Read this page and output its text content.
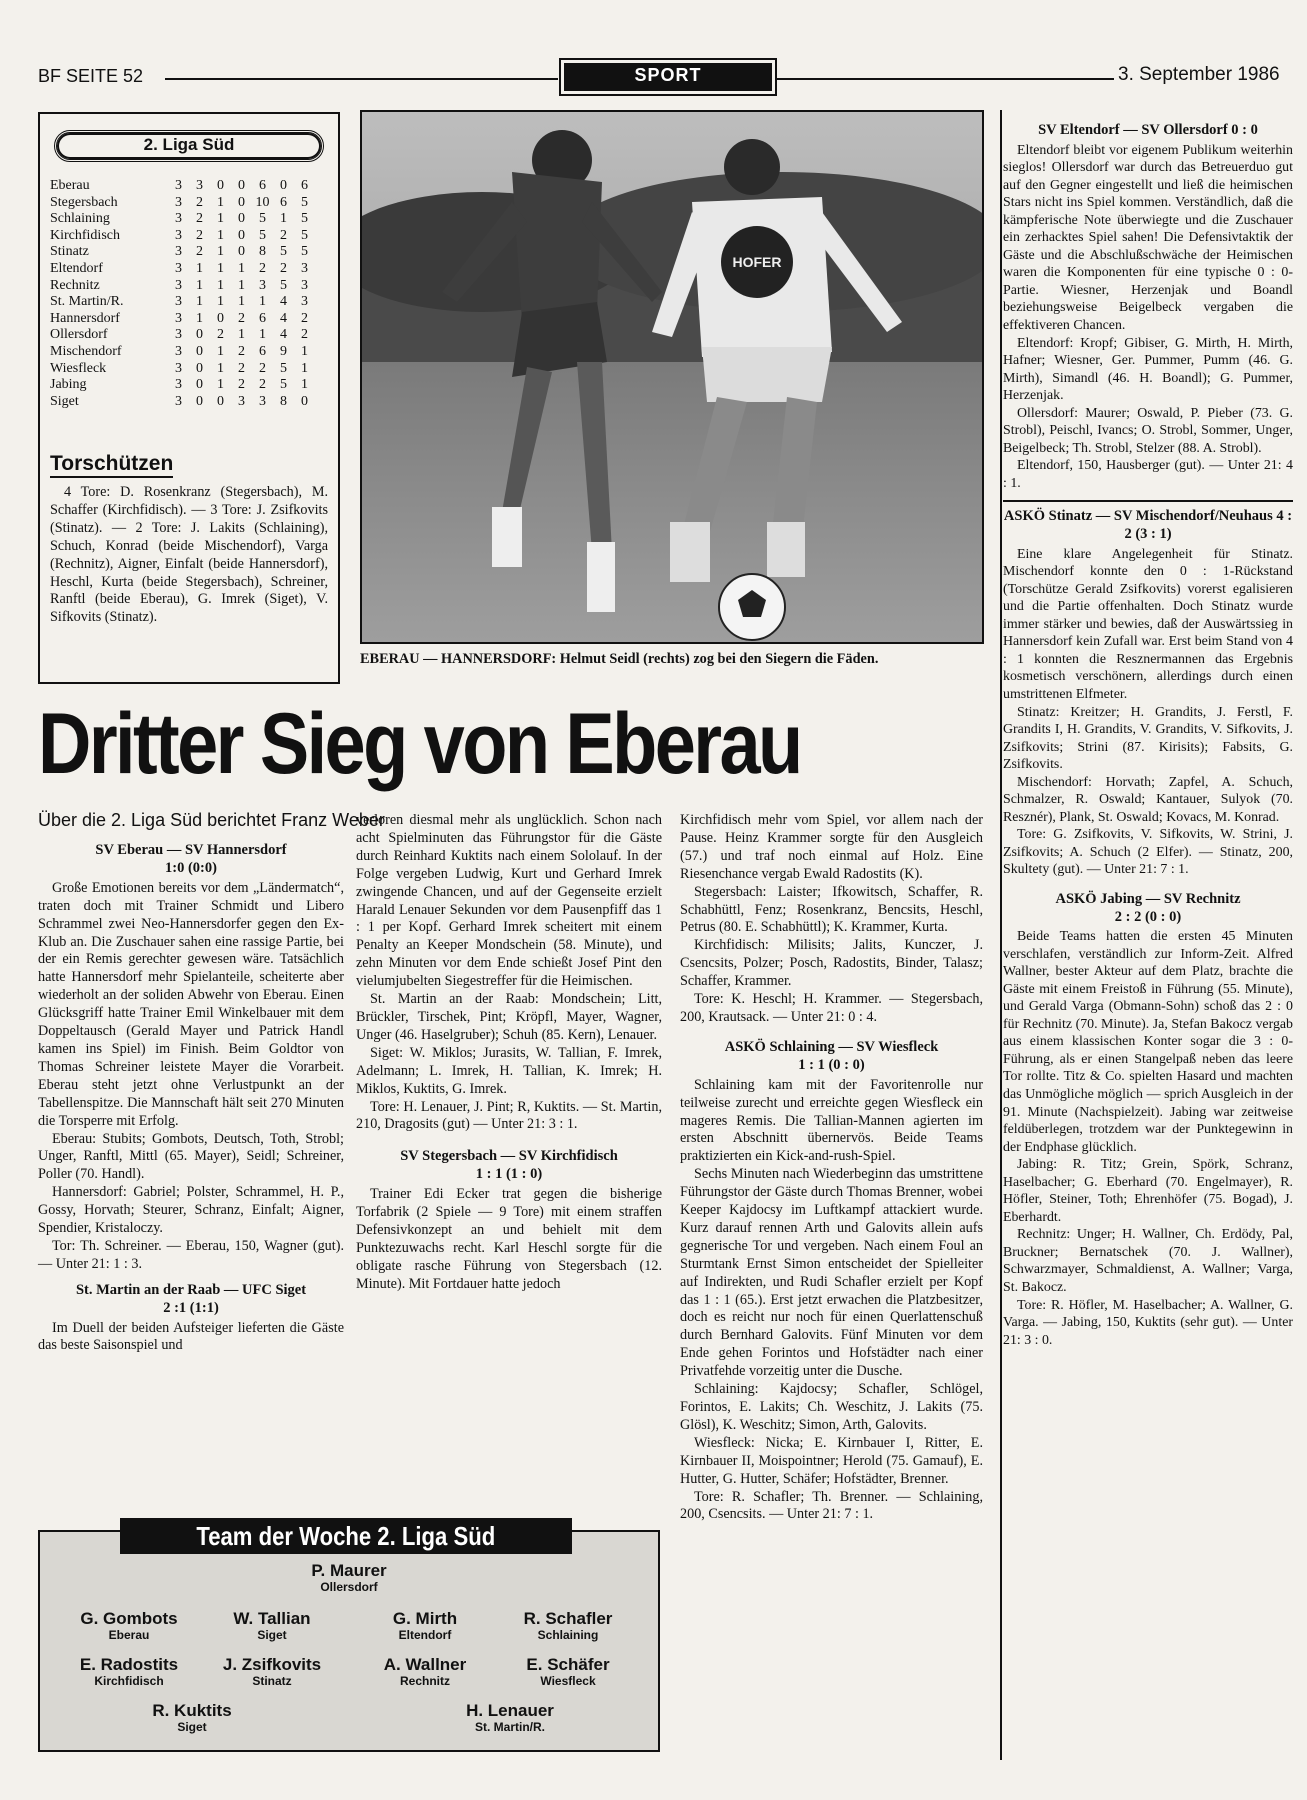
BF SEITE 52	SPORT	3. September 1986
2. Liga Süd
Eberau	3	3	0	0	6	0	6
Stegersbach	3	2	1	0	10	6	5
Schlaining	3	2	1	0	5	1	5
Kirchfidisch	3	2	1	0	5	2	5
Stinatz	3	2	1	0	8	5	5
Eltendorf	3	1	1	1	2	2	3
Rechnitz	3	1	1	1	3	5	3
St. Martin/R.	3	1	1	1	1	4	3
Hannersdorf	3	1	0	2	6	4	2
Ollersdorf	3	0	2	1	1	4	2
Mischendorf	3	0	1	2	6	9	1
Wiesfleck	3	0	1	2	2	5	1
Jabing	3	0	1	2	2	5	1
Siget	3	0	0	3	3	8	0
Torschützen

4 Tore: D. Rosenkranz (Stegersbach), M. Schaffer (Kirchfidisch). — 3 Tore: J. Zsifkovits (Stinatz). — 2 Tore: J. Lakits (Schlaining), Schuch, Konrad (beide Mischendorf), Varga (Rechnitz), Aigner, Einfalt (beide Hannersdorf), Heschl, Kurta (beide Stegersbach), Schreiner, Ranftl (beide Eberau), G. Imrek (Siget), V. Sifkovits (Stinatz).

HOFER
EBERAU — HANNERSDORF: Helmut Seidl (rechts) zog bei den Siegern die Fäden.
Dritter Sieg von Eberau
Über die 2. Liga Süd berichtet Franz Weber
SV Eberau — SV Hannersdorf
1:0 (0:0)

Große Emotionen bereits vor dem „Ländermatch“, traten doch mit Trainer Schmidt und Libero Schrammel zwei Neo-Hannersdorfer gegen den Ex-Klub an. Die Zuschauer sahen eine rassige Partie, bei der ein Remis gerechter gewesen wäre. Tatsächlich hatte Hannersdorf mehr Spielanteile, scheiterte aber wiederholt an der soliden Abwehr von Eberau. Einen Glücksgriff hatte Trainer Emil Winkelbauer mit dem Doppeltausch (Gerald Mayer und Patrick Handl kamen ins Spiel) im Finish. Beim Goldtor von Thomas Schreiner leistete Mayer die Vorarbeit. Eberau steht jetzt ohne Verlustpunkt an der Tabellenspitze. Die Mannschaft hält seit 270 Minuten die Torsperre mit Erfolg.

Eberau: Stubits; Gombots, Deutsch, Toth, Strobl; Unger, Ranftl, Mittl (65. Mayer), Seidl; Schreiner, Poller (70. Handl).

Hannersdorf: Gabriel; Polster, Schrammel, H. P., Gossy, Horvath; Steurer, Schranz, Einfalt; Aigner, Spendier, Kristaloczy.

Tor: Th. Schreiner. — Eberau, 150, Wagner (gut). — Unter 21: 1 : 3.

St. Martin an der Raab — UFC Siget
2 :1 (1:1)

Im Duell der beiden Aufsteiger lieferten die Gäste das beste Saisonspiel und

verloren diesmal mehr als unglücklich. Schon nach acht Spielminuten das Führungstor für die Gäste durch Reinhard Kuktits nach einem Sololauf. In der Folge vergeben Ludwig, Kurt und Gerhard Imrek zwingende Chancen, und auf der Gegenseite erzielt Harald Lenauer Sekunden vor dem Pausenpfiff das 1 : 1 per Kopf. Gerhard Imrek scheitert mit einem Penalty an Keeper Mondschein (58. Minute), und zehn Minuten vor dem Ende schießt Josef Pint den vielumjubelten Siegestreffer für die Heimischen.

St. Martin an der Raab: Mondschein; Litt, Brückler, Tirschek, Pint; Kröpfl, Mayer, Wagner, Unger (46. Haselgruber); Schuh (85. Kern), Lenauer.

Siget: W. Miklos; Jurasits, W. Tallian, F. Imrek, Adelmann; L. Imrek, H. Tallian, K. Imrek; H. Miklos, Kuktits, G. Imrek.

Tore: H. Lenauer, J. Pint; R, Kuktits. — St. Martin, 210, Dragosits (gut) — Unter 21: 3 : 1.

SV Stegersbach — SV Kirchfidisch
1 : 1 (1 : 0)

Trainer Edi Ecker trat gegen die bisherige Torfabrik (2 Spiele — 9 Tore) mit einem straffen Defensivkonzept an und behielt mit dem Punktezuwachs recht. Karl Heschl sorgte für die obligate rasche Führung von Stegersbach (12. Minute). Mit Fortdauer hatte jedoch

Kirchfidisch mehr vom Spiel, vor allem nach der Pause. Heinz Krammer sorgte für den Ausgleich (57.) und traf noch einmal auf Holz. Eine Riesenchance vergab Ewald Radostits (K).

Stegersbach: Laister; Ifkowitsch, Schaffer, R. Schabhüttl, Fenz; Rosenkranz, Bencsits, Heschl, Petrus (80. E. Schabhüttl); K. Krammer, Kurta.

Kirchfidisch: Milisits; Jalits, Kunczer, J. Csencsits, Polzer; Posch, Radostits, Binder, Talasz; Schaffer, Krammer.

Tore: K. Heschl; H. Krammer. — Stegersbach, 200, Krautsack. — Unter 21: 0 : 4.

ASKÖ Schlaining — SV Wiesfleck
1 : 1 (0 : 0)

Schlaining kam mit der Favoritenrolle nur teilweise zurecht und erreichte gegen Wiesfleck ein mageres Remis. Die Tallian-Mannen agierten im ersten Abschnitt übernervös. Beide Teams praktizierten ein Kick-and-rush-Spiel.

Sechs Minuten nach Wiederbeginn das umstrittene Führungstor der Gäste durch Thomas Brenner, wobei Keeper Kajdocsy im Luftkampf attackiert wurde. Kurz darauf rennen Arth und Galovits allein aufs gegnerische Tor und vergeben. Nach einem Foul an Sturmtank Ernst Simon entscheidet der Spielleiter auf Indirekten, und Rudi Schafler erzielt per Kopf das 1 : 1 (65.). Erst jetzt erwachen die Platzbesitzer, doch es reicht nur noch für einen Querlattenschuß durch Bernhard Galovits. Fünf Minuten vor dem Ende gehen Forintos und Hofstädter nach einer Privatfehde vorzeitig unter die Dusche.

Schlaining: Kajdocsy; Schafler, Schlögel, Forintos, E. Lakits; Ch. Weschitz, J. Lakits (75. Glösl), K. Weschitz; Simon, Arth, Galovits.

Wiesfleck: Nicka; E. Kirnbauer I, Ritter, E. Kirnbauer II, Moispointner; Herold (75. Gamauf), E. Hutter, G. Hutter, Schäfer; Hofstädter, Brenner.

Tore: R. Schafler; Th. Brenner. — Schlaining, 200, Csencsits. — Unter 21: 7 : 1.

SV Eltendorf — SV Ollersdorf 0 : 0

Eltendorf bleibt vor eigenem Publikum weiterhin sieglos! Ollersdorf war durch das Betreuerduo gut auf den Gegner eingestellt und ließ die heimischen Stars nicht ins Spiel kommen. Verständlich, daß die kämpferische Note überwiegte und die Zuschauer ein zerhacktes Spiel sahen! Die Defensivtaktik der Gäste und die Abschlußschwäche der Heimischen waren die Komponenten für eine typische 0 : 0-Partie. Wiesner, Herzenjak und Boandl beziehungsweise Beigelbeck vergaben die effektiveren Chancen.

Eltendorf: Kropf; Gibiser, G. Mirth, H. Mirth, Hafner; Wiesner, Ger. Pummer, Pumm (46. G. Mirth), Simandl (46. H. Boandl); G. Pummer, Herzenjak.

Ollersdorf: Maurer; Oswald, P. Pieber (73. G. Strobl), Peischl, Ivancs; O. Strobl, Sommer, Unger, Beigelbeck; Th. Strobl, Stelzer (88. A. Strobl).

Eltendorf, 150, Hausberger (gut). — Unter 21: 4 : 1.

ASKÖ Stinatz — SV Mischendorf/Neuhaus 4 : 2 (3 : 1)

Eine klare Angelegenheit für Stinatz. Mischendorf konnte den 0 : 1-Rückstand (Torschütze Gerald Zsifkovits) vorerst egalisieren und die Partie offenhalten. Doch Stinatz wurde immer stärker und bewies, daß der Auswärtssieg in Hannersdorf kein Zufall war. Erst beim Stand von 4 : 1 konnten die Resznermannen das Ergebnis kosmetisch verschönern, allerdings durch einen umstrittenen Elfmeter.

Stinatz: Kreitzer; H. Grandits, J. Ferstl, F. Grandits I, H. Grandits, V. Grandits, V. Sifkovits, J. Zsifkovits; Strini (87. Kirisits); Fabsits, G. Zsifkovits.

Mischendorf: Horvath; Zapfel, A. Schuch, Schmalzer, R. Oswald; Kantauer, Sulyok (70. Resznér), Plank, St. Oswald; Kovacs, M. Konrad.

Tore: G. Zsifkovits, V. Sifkovits, W. Strini, J. Zsifkovits; A. Schuch (2 Elfer). — Stinatz, 200, Skultety (gut). — Unter 21: 7 : 1.

ASKÖ Jabing — SV Rechnitz
2 : 2 (0 : 0)

Beide Teams hatten die ersten 45 Minuten verschlafen, verständlich zur Inform-Zeit. Alfred Wallner, bester Akteur auf dem Platz, brachte die Gäste mit einem Freistoß in Führung (55. Minute), und Gerald Varga (Obmann-Sohn) schoß das 2 : 0 für Rechnitz (70. Minute). Ja, Stefan Bakocz vergab aus einem klassischen Konter sogar die 3 : 0-Führung, als er einen Stangelpaß neben das leere Tor rollte. Titz & Co. spielten Hasard und machten das Unmögliche möglich — sprich Ausgleich in der 91. Minute (Nachspielzeit). Jabing war zeitweise feldüberlegen, trotzdem war der Punktegewinn in der Endphase glücklich.

Jabing: R. Titz; Grein, Spörk, Schranz, Haselbacher; G. Eberhard (70. Engelmayer), R. Höfler, Steiner, Toth; Ehrenhöfer (75. Bogad), J. Eberhardt.

Rechnitz: Unger; H. Wallner, Ch. Erdödy, Pal, Bruckner; Bernatschek (70. J. Wallner), Schwarzmayer, Schmaldienst, A. Wallner; Varga, St. Bakocz.

Tore: R. Höfler, M. Haselbacher; A. Wallner, G. Varga. — Jabing, 150, Kuktits (sehr gut). — Unter 21: 3 : 0.

Team der Woche 2. Liga Süd
P. Maurer
Ollersdorf
G. Gombots
Eberau
W. Tallian
Siget
G. Mirth
Eltendorf
R. Schafler
Schlaining
E. Radostits
Kirchfidisch
J. Zsifkovits
Stinatz
A. Wallner
Rechnitz
E. Schäfer
Wiesfleck
R. Kuktits
Siget
H. Lenauer
St. Martin/R.
